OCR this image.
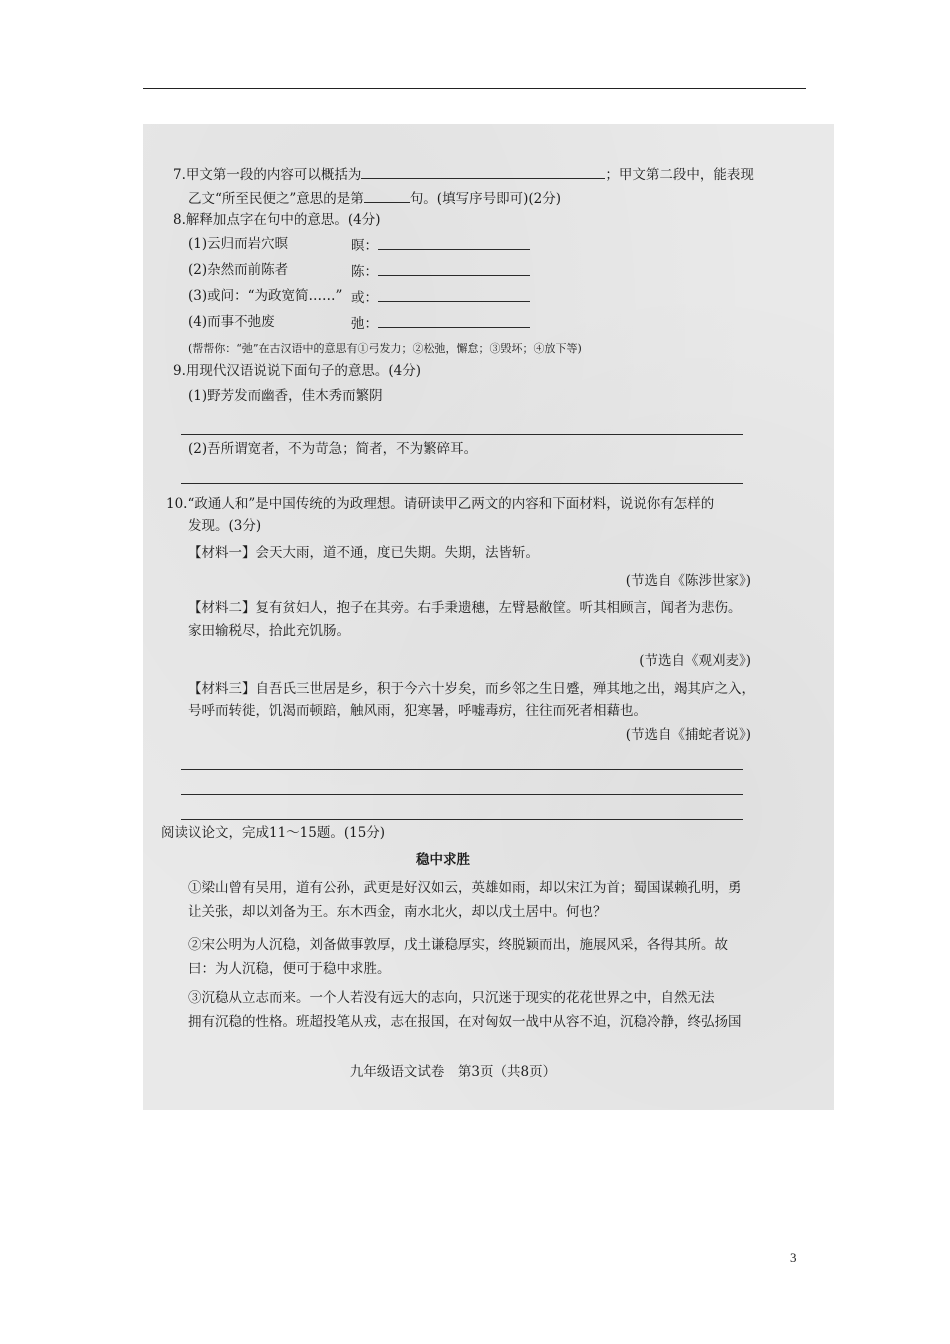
7.甲文第一段的内容可以概括为	；甲文第二段中，能表现
乙文“所至民便之”意思的是第	句。(填写序号即可)(2分)
8.解释加点字在句中的意思。(4分)
(1)云归而岩穴暝	暝：
(2)杂然而前陈者	陈：
(3)或问：“为政宽简……” 或：
(4)而事不弛废	弛：
(帮帮你：“弛”在古汉语中的意思有①弓发力；②松弛，懈怠；③毁坏；④放下等)
9.用现代汉语说说下面句子的意思。(4分)
(1)野芳发而幽香，佳木秀而繁阴
(2)吾所谓宽者，不为苛急；简者，不为繁碎耳。
10.“政通人和”是中国传统的为政理想。请研读甲乙两文的内容和下面材料，说说你有怎样的
发现。(3分)
【材料一】会天大雨，道不通，度已失期。失期，法皆斩。
(节选自《陈涉世家》)
【材料二】复有贫妇人，抱子在其旁。右手秉遗穗，左臂悬敝筐。听其相顾言，闻者为悲伤。
家田输税尽，拾此充饥肠。
(节选自《观刈麦》)
【材料三】自吾氏三世居是乡，积于今六十岁矣，而乡邻之生日蹙，殚其地之出，竭其庐之入，
号呼而转徙，饥渴而顿踣，触风雨，犯寒暑，呼嘘毒疠，往往而死者相藉也。
(节选自《捕蛇者说》)
阅读议论文，完成11～15题。(15分)
稳中求胜
①梁山曾有吴用，道有公孙，武更是好汉如云，英雄如雨，却以宋江为首；蜀国谋赖孔明，勇
让关张，却以刘备为王。东木西金，南水北火，却以戊土居中。何也？
②宋公明为人沉稳，刘备做事敦厚，戊土谦稳厚实，终脱颖而出，施展风采，各得其所。故
曰：为人沉稳，便可于稳中求胜。
③沉稳从立志而来。一个人若没有远大的志向，只沉迷于现实的花花世界之中，自然无法
拥有沉稳的性格。班超投笔从戎，志在报国，在对匈奴一战中从容不迫，沉稳冷静，终弘扬国
九年级语文试卷　第3页（共8页）
3
